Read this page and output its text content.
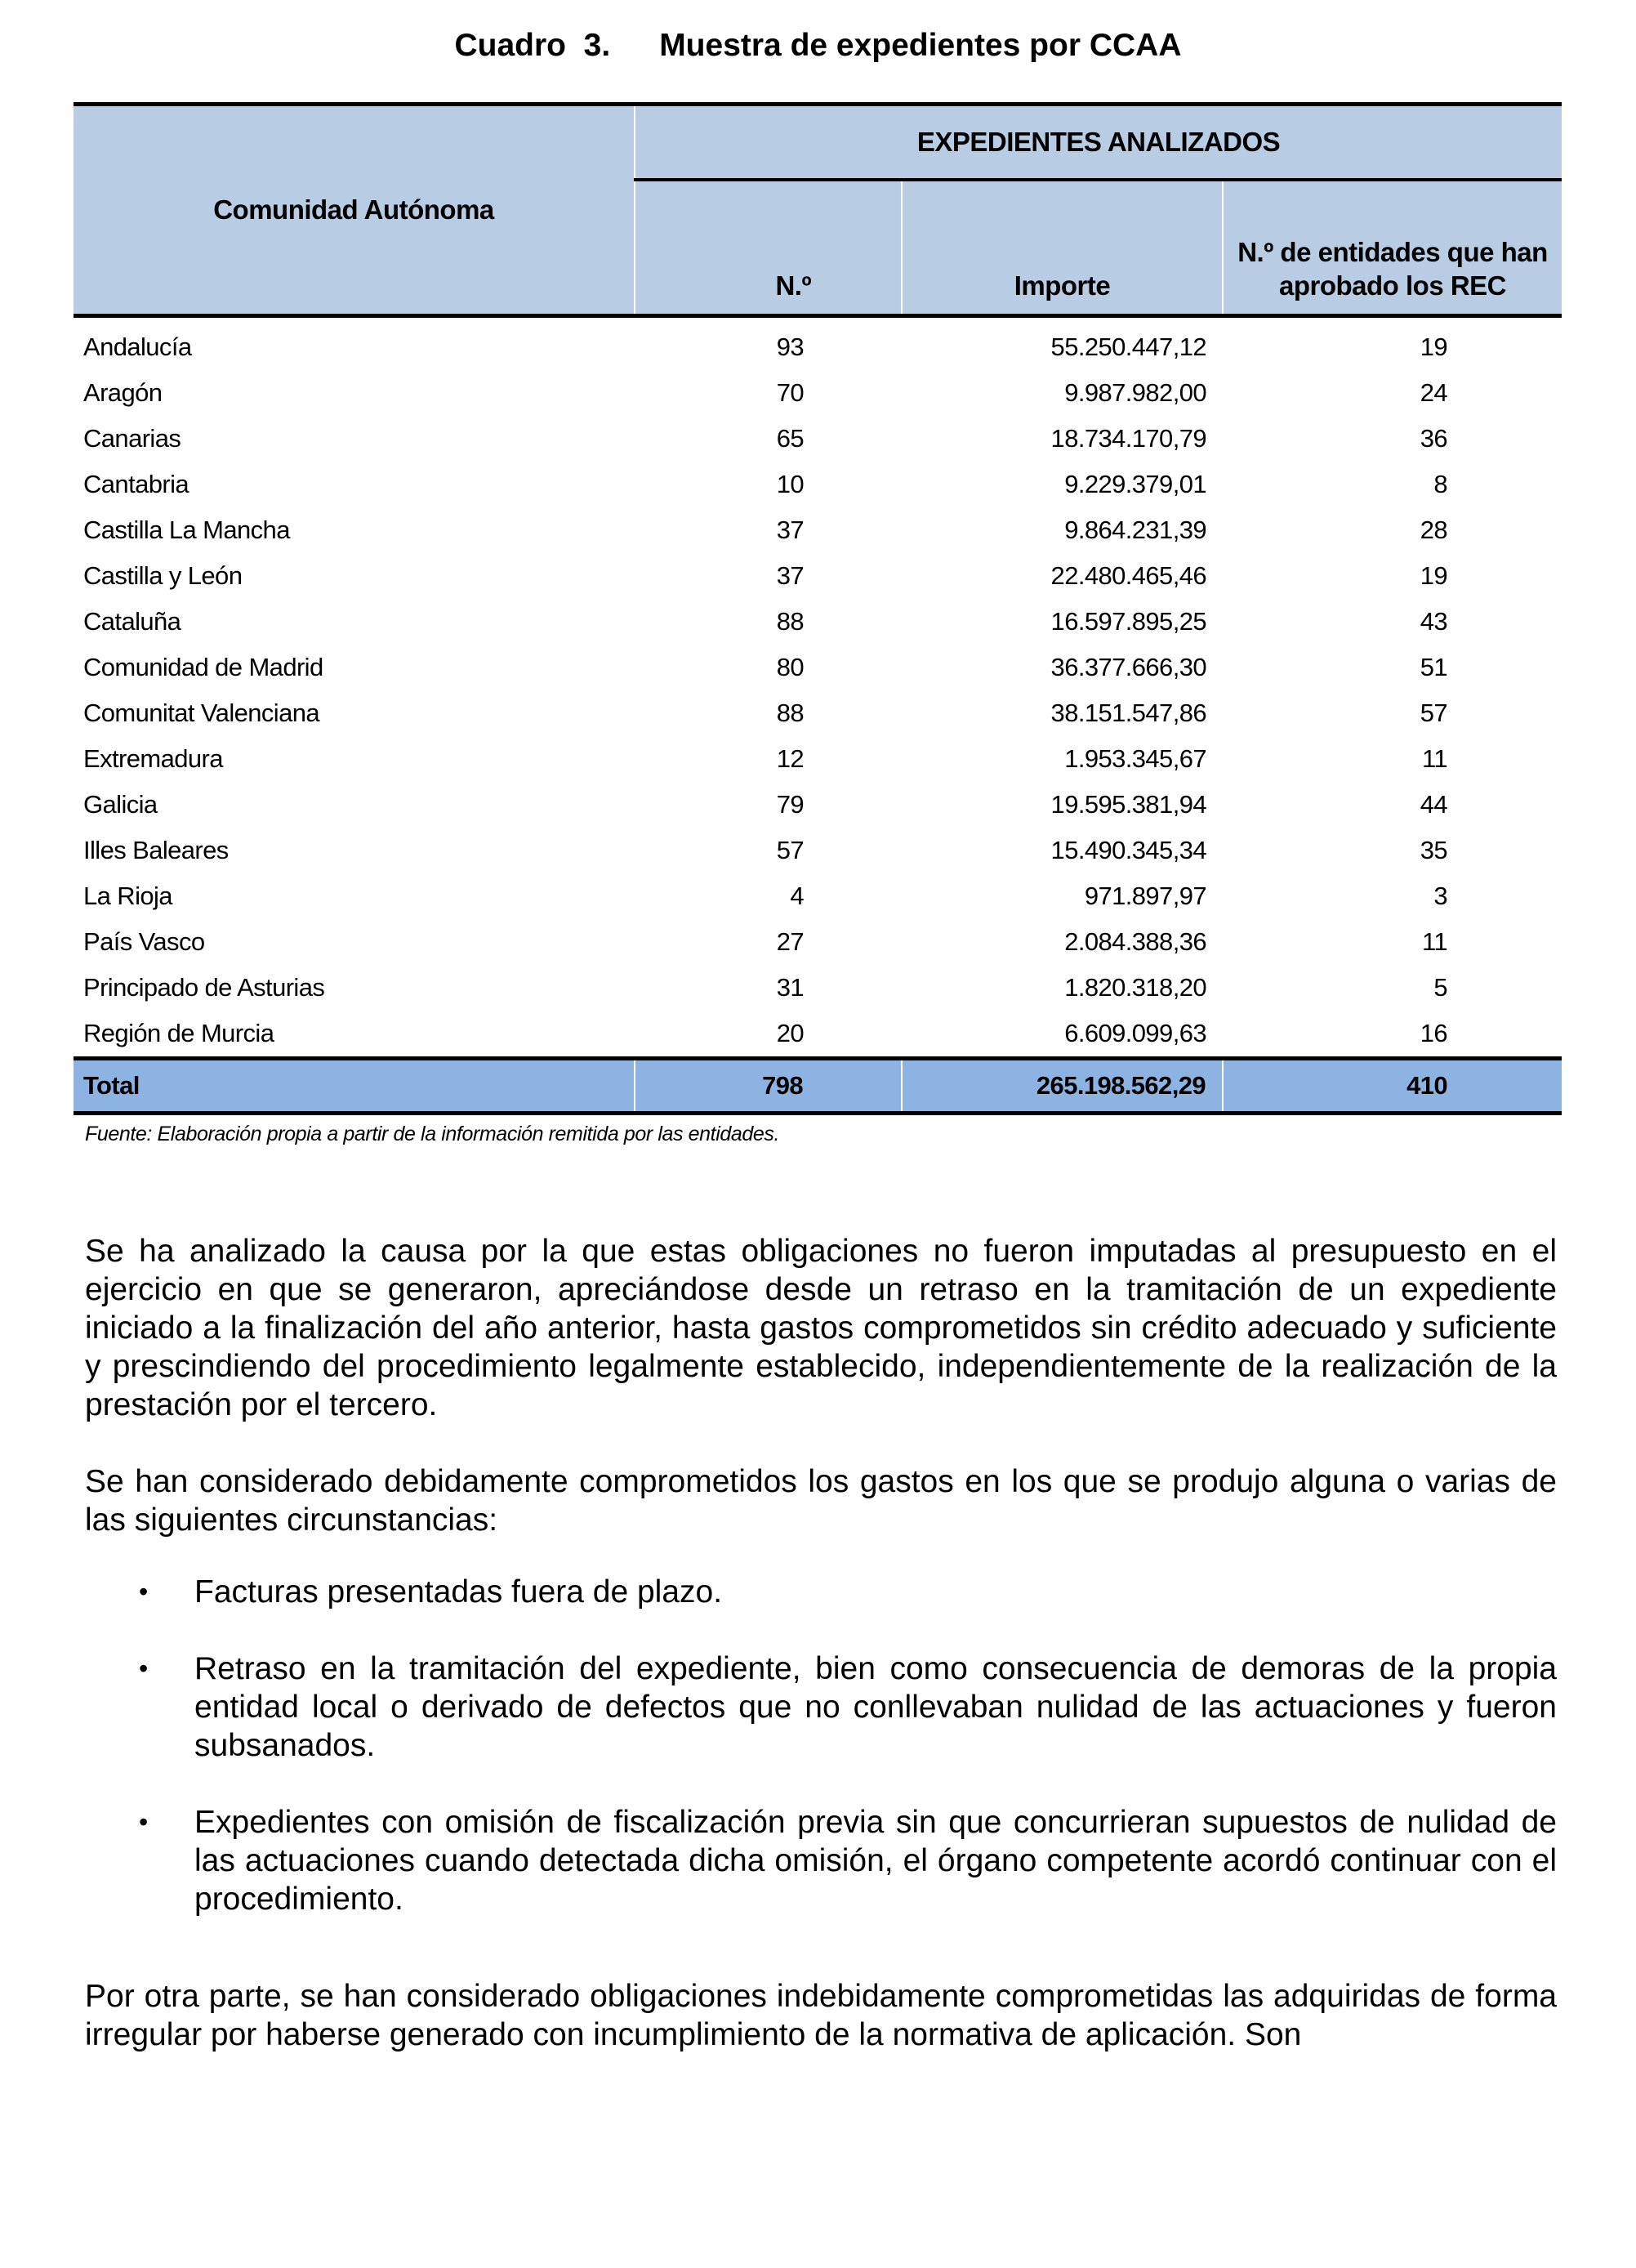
Cuadro  3. Muestra de expedientes por CCAA
Comunidad Autónoma	EXPEDIENTES ANALIZADOS		
	N.º	Importe	N.º de entidades que han aprobado los REC
Andalucía	93	55.250.447,12	19
Aragón	70	9.987.982,00	24
Canarias	65	18.734.170,79	36
Cantabria	10	9.229.379,01	8
Castilla La Mancha	37	9.864.231,39	28
Castilla y León	37	22.480.465,46	19
Cataluña	88	16.597.895,25	43
Comunidad de Madrid	80	36.377.666,30	51
Comunitat Valenciana	88	38.151.547,86	57
Extremadura	12	1.953.345,67	11
Galicia	79	19.595.381,94	44
Illes Baleares	57	15.490.345,34	35
La Rioja	4	971.897,97	3
País Vasco	27	2.084.388,36	11
Principado de Asturias	31	1.820.318,20	5
Región de Murcia	20	6.609.099,63	16
Total	798	265.198.562,29	410
Fuente: Elaboración propia a partir de la información remitida por las entidades.

Se ha analizado la causa por la que estas obligaciones no fueron imputadas al presupuesto en el ejercicio en que se generaron, apreciándose desde un retraso en la tramitación de un expediente iniciado a la finalización del año anterior, hasta gastos comprometidos sin crédito adecuado y suficiente y prescindiendo del procedimiento legalmente establecido, independientemente de la realización de la prestación por el tercero.

Se han considerado debidamente comprometidos los gastos en los que se produjo alguna o varias de las siguientes circunstancias:

• Facturas presentadas fuera de plazo.
• Retraso en la tramitación del expediente, bien como consecuencia de demoras de la propia entidad local o derivado de defectos que no conllevaban nulidad de las actuaciones y fueron subsanados.
• Expedientes con omisión de fiscalización previa sin que concurrieran supuestos de nulidad de las actuaciones cuando detectada dicha omisión, el órgano competente acordó continuar con el procedimiento.

Por otra parte, se han considerado obligaciones indebidamente comprometidas las adquiridas de forma irregular por haberse generado con incumplimiento de la normativa de aplicación. Son
